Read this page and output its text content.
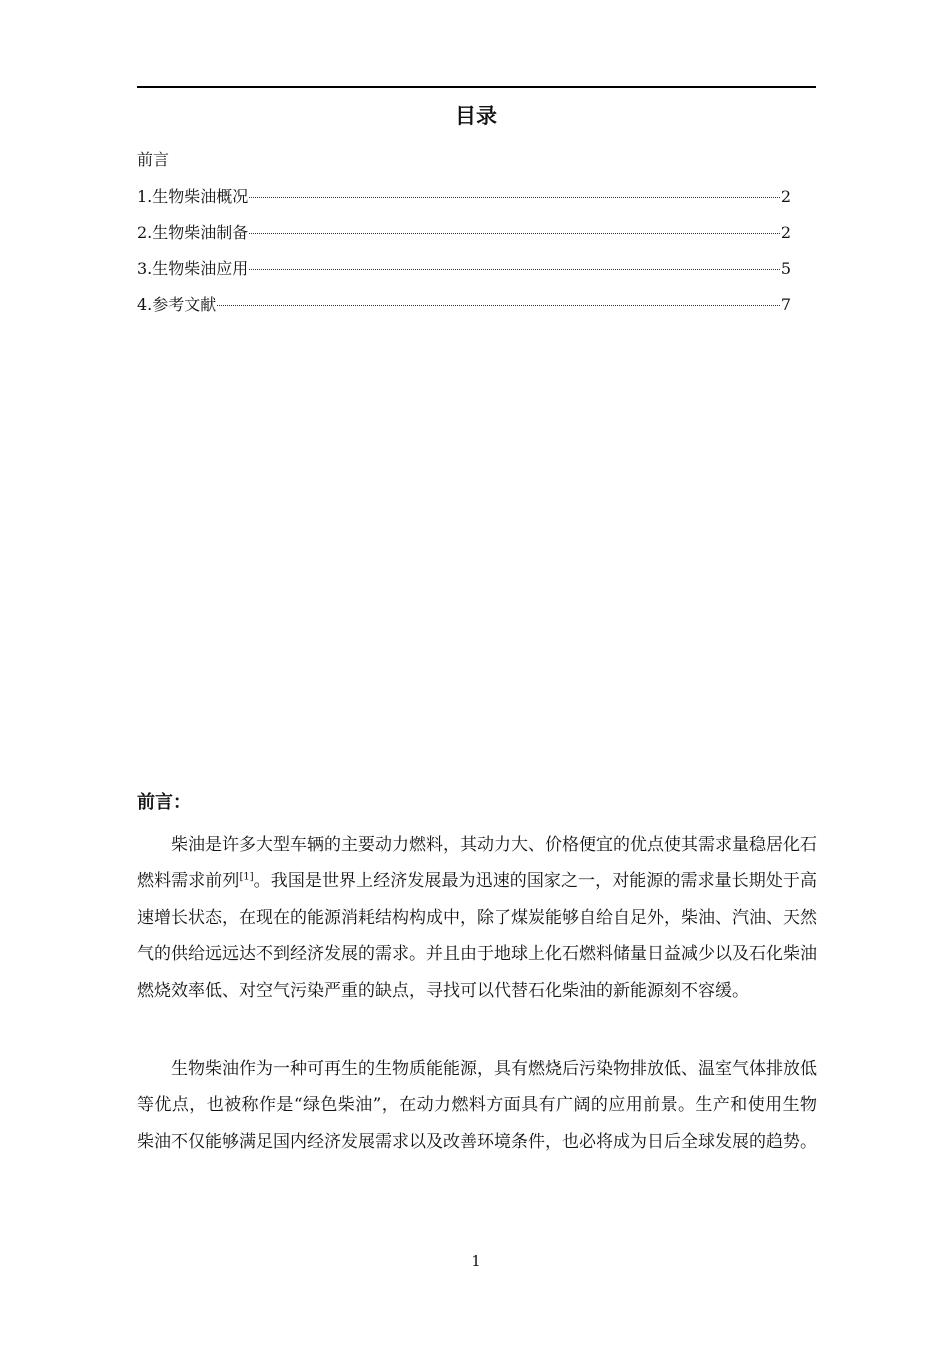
目录
前言
1.生物柴油概况	2
2.生物柴油制备	2
3.生物柴油应用	5
4.参考文献	7
前言：

柴油是许多大型车辆的主要动力燃料，其动力大、价格便宜的优点使其需求量稳居化石燃料需求前列[1]。我国是世界上经济发展最为迅速的国家之一，对能源的需求量长期处于高速增长状态，在现在的能源消耗结构构成中，除了煤炭能够自给自足外，柴油、汽油、天然气的供给远远达不到经济发展的需求。并且由于地球上化石燃料储量日益减少以及石化柴油燃烧效率低、对空气污染严重的缺点，寻找可以代替石化柴油的新能源刻不容缓。

生物柴油作为一种可再生的生物质能能源，具有燃烧后污染物排放低、温室气体排放低等优点，也被称作是“绿色柴油”，在动力燃料方面具有广阔的应用前景。生产和使用生物柴油不仅能够满足国内经济发展需求以及改善环境条件，也必将成为日后全球发展的趋势。

1
